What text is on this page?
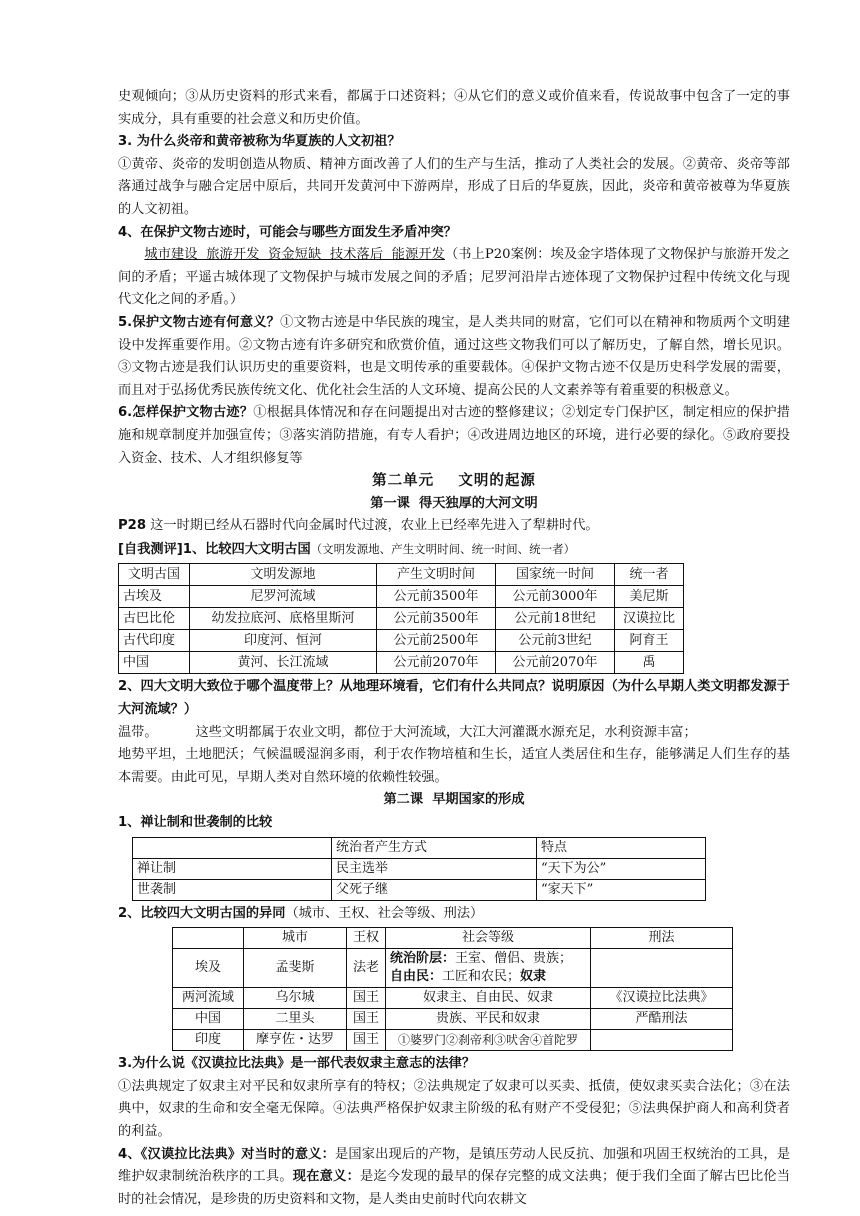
史观倾向；③从历史资料的形式来看，都属于口述资料；④从它们的意义或价值来看，传说故事中包含了一定的事实成分，具有重要的社会意义和历史价值。

3. 为什么炎帝和黄帝被称为华夏族的人文初祖？

①黄帝、炎帝的发明创造从物质、精神方面改善了人们的生产与生活，推动了人类社会的发展。②黄帝、炎帝等部落通过战争与融合定居中原后，共同开发黄河中下游两岸，形成了日后的华夏族，因此，炎帝和黄帝被尊为华夏族的人文初祖。

4、在保护文物古迹时，可能会与哪些方面发生矛盾冲突？

城市建设  旅游开发  资金短缺  技术落后  能源开发（书上P20案例：埃及金字塔体现了文物保护与旅游开发之间的矛盾；平遥古城体现了文物保护与城市发展之间的矛盾；尼罗河沿岸古迹体现了文物保护过程中传统文化与现代文化之间的矛盾。）

5.保护文物古迹有何意义？①文物古迹是中华民族的瑰宝，是人类共同的财富，它们可以在精神和物质两个文明建设中发挥重要作用。②文物古迹有许多研究和欣赏价值，通过这些文物我们可以了解历史，了解自然，增长见识。③文物古迹是我们认识历史的重要资料，也是文明传承的重要载体。④保护文物古迹不仅是历史科学发展的需要，而且对于弘扬优秀民族传统文化、优化社会生活的人文环境、提高公民的人文素养等有着重要的积极意义。

6.怎样保护文物古迹？①根据具体情况和存在问题提出对古迹的整修建议；②划定专门保护区，制定相应的保护措施和规章制度并加强宣传；③落实消防措施，有专人看护；④改进周边地区的环境，进行必要的绿化。⑤政府要投入资金、技术、人才组织修复等

第二单元    文明的起源

第一课  得天独厚的大河文明

P28 这一时期已经从石器时代向金属时代过渡，农业上已经率先进入了犁耕时代。

[自我测评]1、比较四大文明古国（文明发源地、产生文明时间、统一时间、统一者）

文明古国	文明发源地	产生文明时间	国家统一时间	统一者
古埃及	尼罗河流域	公元前3500年	公元前3000年	美尼斯
古巴比伦	幼发拉底河、底格里斯河	公元前3500年	公元前18世纪	汉谟拉比
古代印度	印度河、恒河	公元前2500年	公元前3世纪	阿育王
中国	黄河、长江流域	公元前2070年	公元前2070年	禹

2、四大文明大致位于哪个温度带上？从地理环境看，它们有什么共同点？说明原因（为什么早期人类文明都发源于大河流域？）

温带。	这些文明都属于农业文明，都位于大河流域，大江大河灌溉水源充足，水利资源丰富；

地势平坦，土地肥沃；气候温暖湿润多雨，利于农作物培植和生长，适宜人类居住和生存，能够满足人们生存的基本需要。由此可见，早期人类对自然环境的依赖性较强。

第二课  早期国家的形成

1、禅让制和世袭制的比较

	统治者产生方式	特点
禅让制	民主选举	“天下为公”
世袭制	父死子继	“家天下”

2、比较四大文明古国的异同（城市、王权、社会等级、刑法）

	城市	王权	社会等级	刑法
埃及	孟斐斯	法老	统治阶层：王室、僧侣、贵族；
自由民：工匠和农民；奴隶	
两河流域	乌尔城	国王	奴隶主、自由民、奴隶	《汉谟拉比法典》
中国	二里头	国王	贵族、平民和奴隶	严酷刑法
印度	摩亨佐・达罗	国王	①婆罗门②刹帝利③吠舍④首陀罗	

3.为什么说《汉谟拉比法典》是一部代表奴隶主意志的法律？

①法典规定了奴隶主对平民和奴隶所享有的特权；②法典规定了奴隶可以买卖、抵债，使奴隶买卖合法化；③在法典中，奴隶的生命和安全毫无保障。④法典严格保护奴隶主阶级的私有财产不受侵犯；⑤法典保护商人和高利贷者的利益。

4、《汉谟拉比法典》对当时的意义：是国家出现后的产物，是镇压劳动人民反抗、加强和巩固王权统治的工具，是维护奴隶制统治秩序的工具。现在意义：是迄今发现的最早的保存完整的成文法典；便于我们全面了解古巴比伦当时的社会情况，是珍贵的历史资料和文物，是人类由史前时代向农耕文
